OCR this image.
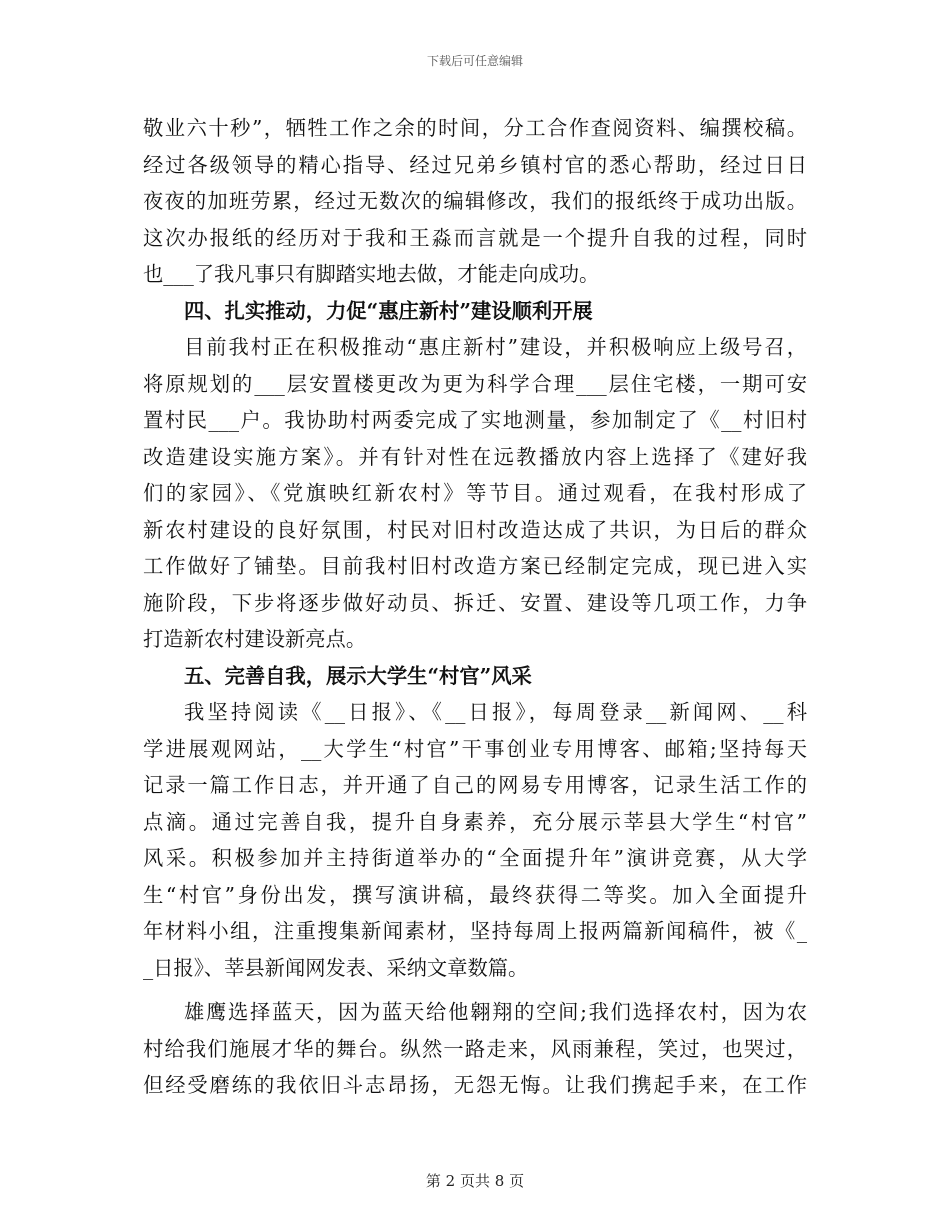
下载后可任意编辑
敬业六十秒”，牺牲工作之余的时间，分工合作查阅资料、编撰校稿。
经过各级领导的精心指导、经过兄弟乡镇村官的悉心帮助，经过日日
夜夜的加班劳累，经过无数次的编辑修改，我们的报纸终于成功出版。
这次办报纸的经历对于我和王淼而言就是一个提升自我的过程，同时
也___了我凡事只有脚踏实地去做，才能走向成功。
四、扎实推动，力促“惠庄新村”建设顺利开展
目前我村正在积极推动“惠庄新村”建设，并积极响应上级号召，
将原规划的___层安置楼更改为更为科学合理___层住宅楼，一期可安
置村民___户。我协助村两委完成了实地测量，参加制定了《__村旧村
改造建设实施方案》。并有针对性在远教播放内容上选择了《建好我
们的家园》、《党旗映红新农村》等节目。通过观看，在我村形成了
新农村建设的良好氛围，村民对旧村改造达成了共识，为日后的群众
工作做好了铺垫。目前我村旧村改造方案已经制定完成，现已进入实
施阶段，下步将逐步做好动员、拆迁、安置、建设等几项工作，力争
打造新农村建设新亮点。
五、完善自我，展示大学生“村官”风采
我坚持阅读《__日报》、《__日报》，每周登录__新闻网、__科
学进展观网站，__大学生“村官”干事创业专用博客、邮箱;坚持每天
记录一篇工作日志，并开通了自己的网易专用博客，记录生活工作的
点滴。通过完善自我，提升自身素养，充分展示莘县大学生“村官”
风采。积极参加并主持街道举办的“全面提升年”演讲竞赛，从大学
生“村官”身份出发，撰写演讲稿，最终获得二等奖。加入全面提升
年材料小组，注重搜集新闻素材，坚持每周上报两篇新闻稿件，被《_
_日报》、莘县新闻网发表、采纳文章数篇。
雄鹰选择蓝天，因为蓝天给他翱翔的空间;我们选择农村，因为农
村给我们施展才华的舞台。纵然一路走来，风雨兼程，笑过，也哭过，
但经受磨练的我依旧斗志昂扬，无怨无悔。让我们携起手来，在工作
第 2 页共 8 页
